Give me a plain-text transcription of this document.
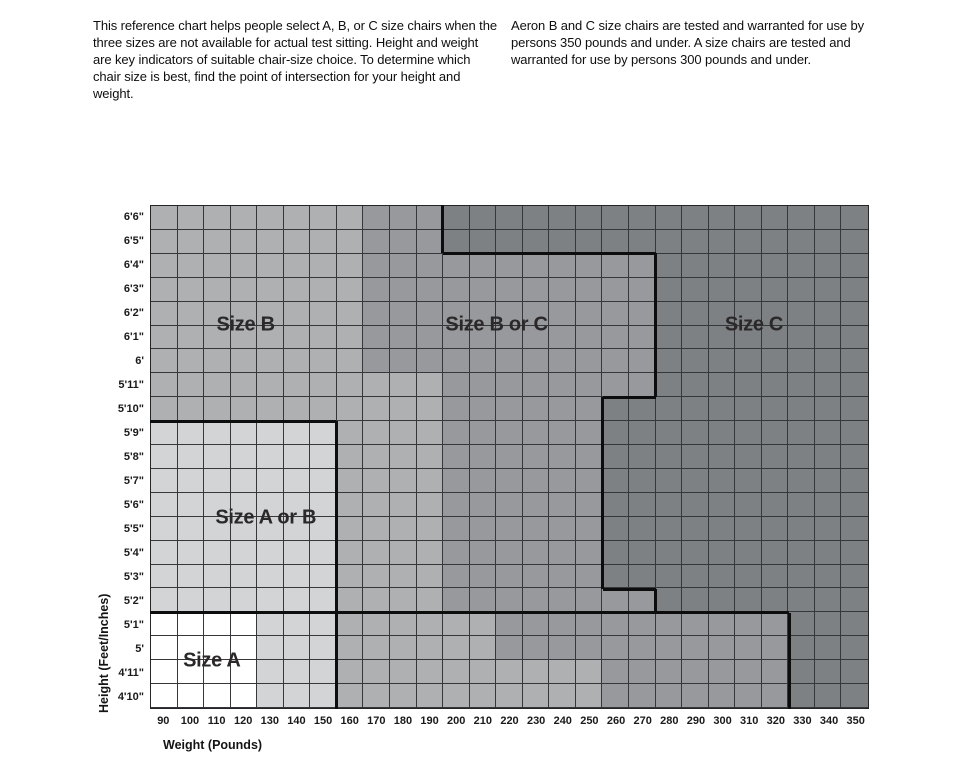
This reference chart helps people select A, B, or C size chairs when the three sizes are not available for actual test sitting. Height and weight are key indicators of suitable chair-size choice. To determine which chair size is best, find the point of intersection for your height and weight.
Aeron B and C size chairs are tested and warranted for use by persons 350 pounds and under. A size chairs are tested and warranted for use by persons 300 pounds and under.
Size B	Size B or C	Size C
Size A or B
Size A
6'6"
6'5"
6'4"
6'3"
6'2"
6'1"
6'
5'11"
5'10"
5'9"
5'8"
5'7"
5'6"
5'5"
5'4"
5'3"
5'2"
5'1"
5'
4'11"
4'10"
90 100 110 120 130 140 150 160 170 180 190 200 210 220 230 240 250 260 270 280 290 300 310 320 330 340 350
Weight (Pounds)
Height (Feet/Inches)
